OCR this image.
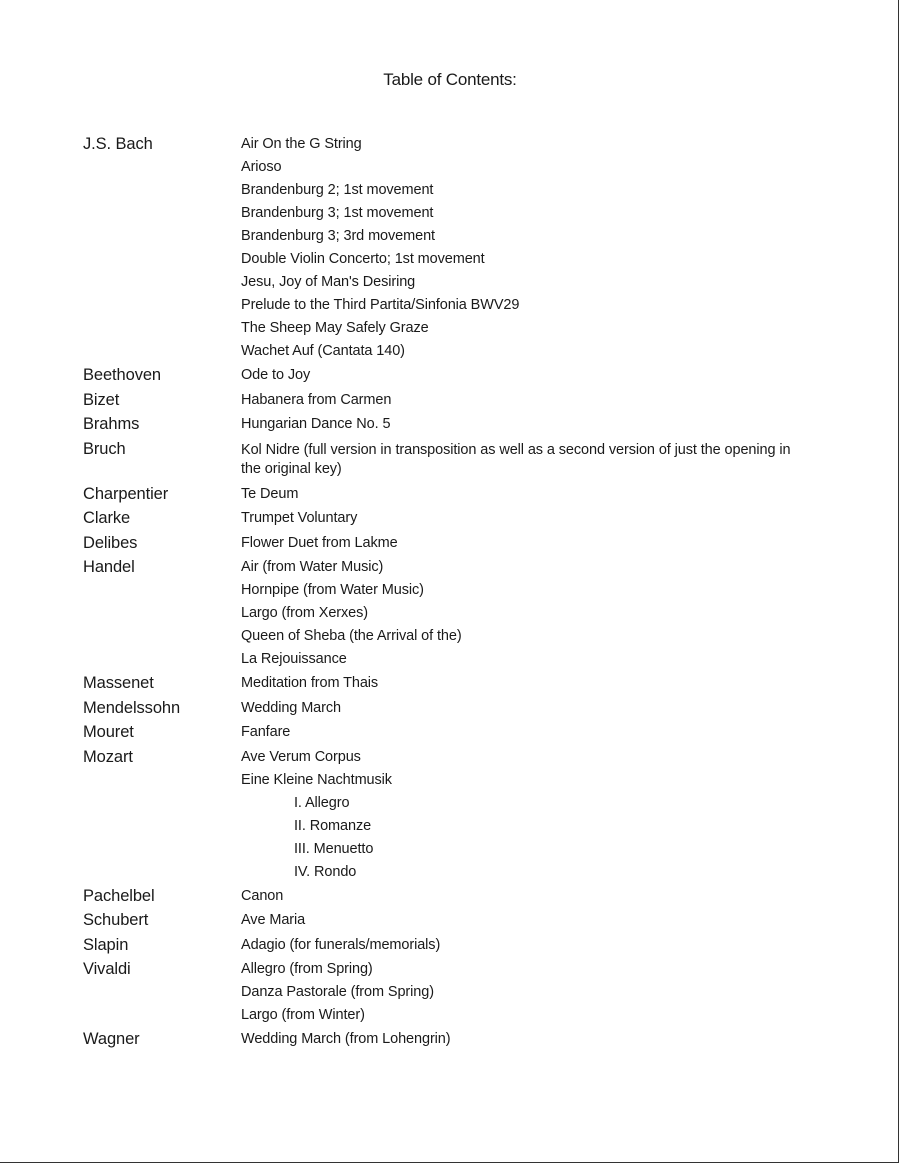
Table of Contents:
J.S. Bach	Air On the G String
Arioso
Brandenburg 2; 1st movement
Brandenburg 3; 1st movement
Brandenburg 3; 3rd movement
Double Violin Concerto; 1st movement
Jesu, Joy of Man's Desiring
Prelude to the Third Partita/Sinfonia BWV29
The Sheep May Safely Graze
Wachet Auf (Cantata 140)
Beethoven	Ode to Joy
Bizet	Habanera from Carmen
Brahms	Hungarian Dance No. 5
Bruch	Kol Nidre (full version in transposition as well as a second version of just the opening in the original key)
Charpentier	Te Deum
Clarke	Trumpet Voluntary
Delibes	Flower Duet from Lakme
Handel	Air (from Water Music)
Hornpipe (from Water Music)
Largo (from Xerxes)
Queen of Sheba (the Arrival of the)
La Rejouissance
Massenet	Meditation from Thais
Mendelssohn	Wedding March
Mouret	Fanfare
Mozart	Ave Verum Corpus
Eine Kleine Nachtmusik
I. Allegro
II. Romanze
III. Menuetto
IV. Rondo
Pachelbel	Canon
Schubert	Ave Maria
Slapin	Adagio (for funerals/memorials)
Vivaldi	Allegro (from Spring)
Danza Pastorale (from Spring)
Largo (from Winter)
Wagner	Wedding March (from Lohengrin)
